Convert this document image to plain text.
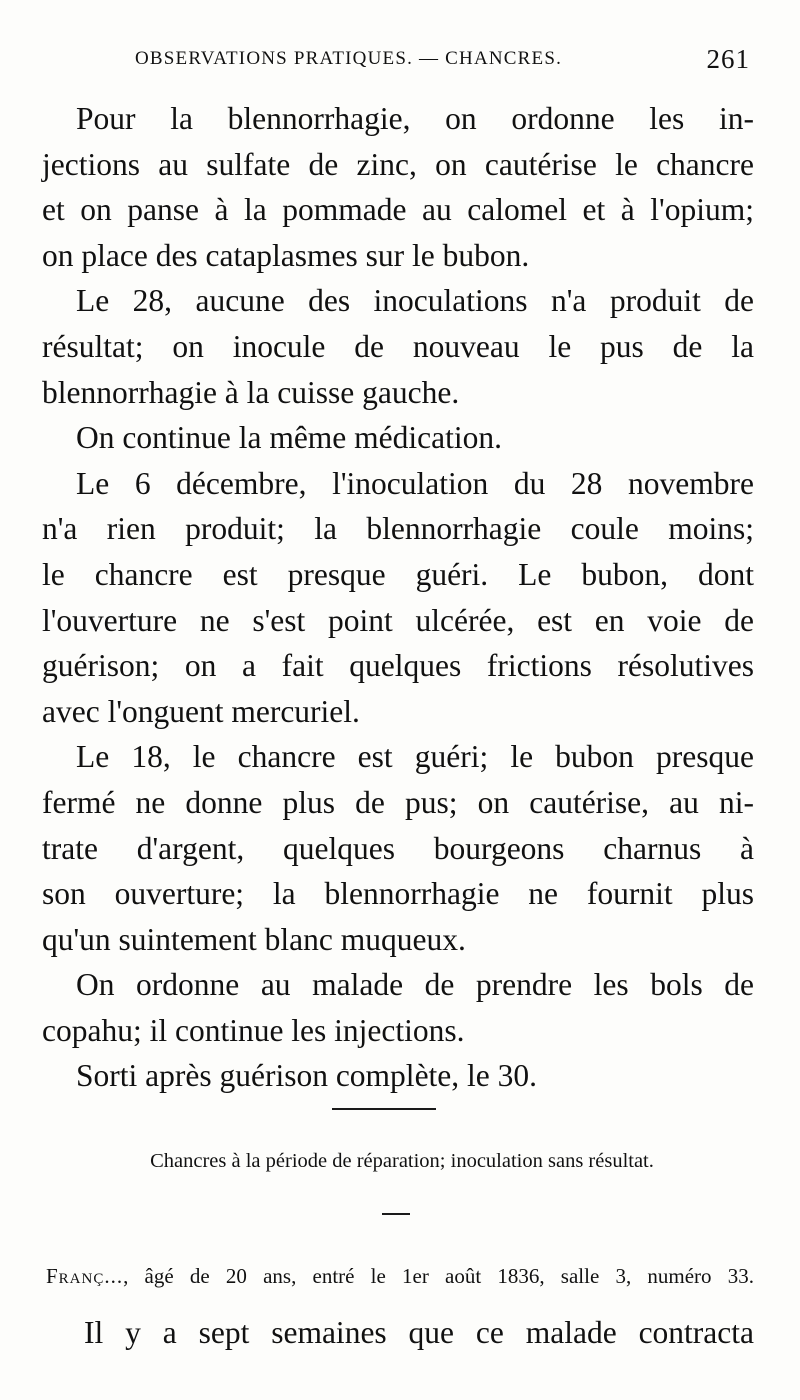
OBSERVATIONS PRATIQUES. — CHANCRES.	261
Pour la blennorrhagie, on ordonne les in-
jections au sulfate de zinc, on cautérise le chancre
et on panse à la pommade au calomel et à l'opium;
on place des cataplasmes sur le bubon.
Le 28, aucune des inoculations n'a produit de
résultat; on inocule de nouveau le pus de la
blennorrhagie à la cuisse gauche.
On continue la même médication.
Le 6 décembre, l'inoculation du 28 novembre
n'a rien produit; la blennorrhagie coule moins;
le chancre est presque guéri. Le bubon, dont
l'ouverture ne s'est point ulcérée, est en voie de
guérison; on a fait quelques frictions résolutives
avec l'onguent mercuriel.
Le 18, le chancre est guéri; le bubon presque
fermé ne donne plus de pus; on cautérise, au ni-
trate d'argent, quelques bourgeons charnus à
son ouverture; la blennorrhagie ne fournit plus
qu'un suintement blanc muqueux.
On ordonne au malade de prendre les bols de
copahu; il continue les injections.
Sorti après guérison complète, le 30.
Chancres à la période de réparation; inoculation sans résultat.
Franç..., âgé de 20 ans, entré le 1er août 1836, salle 3, numéro 33.
Il y a sept semaines que ce malade contracta
